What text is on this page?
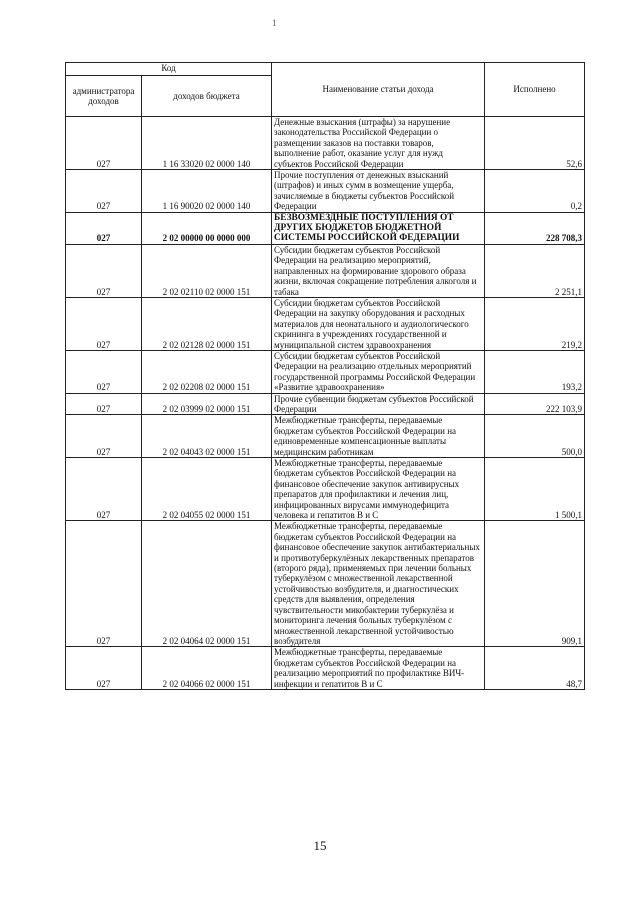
1
Код		Наименование статьи дохода	Исполнено
администратора доходов	доходов бюджета		
027	1 16 33020 02 0000 140	Денежные взыскания (штрафы) за нарушение законодательства Российской Федерации о размещении заказов на поставки товаров, выполнение работ, оказание услуг для нужд субъектов Российской Федерации	52,6
027	1 16 90020 02 0000 140	Прочие поступления от денежных взысканий (штрафов) и иных сумм в возмещение ущерба, зачисляемые в бюджеты субъектов Российской Федерации	0,2
027	2 02 00000 00 0000 000	БЕЗВОЗМЕЗДНЫЕ ПОСТУПЛЕНИЯ ОТ ДРУГИХ БЮДЖЕТОВ БЮДЖЕТНОЙ СИСТЕМЫ РОССИЙСКОЙ ФЕДЕРАЦИИ	228 708,3
027	2 02 02110 02 0000 151	Субсидии бюджетам субъектов Российской Федерации на реализацию мероприятий, направленных на формирование здорового образа жизни, включая сокращение потребления алкоголя и табака	2 251,1
027	2 02 02128 02 0000 151	Субсидии бюджетам субъектов Российской Федерации на закупку оборудования и расходных материалов для неонатального и аудиологического скрининга в учреждениях государственной и муниципальной систем здравоохранения	219,2
027	2 02 02208 02 0000 151	Субсидии бюджетам субъектов Российской Федерации на реализацию отдельных мероприятий государственной программы Российской Федерации «Развитие здравоохранения»	193,2
027	2 02 03999 02 0000 151	Прочие субвенции бюджетам субъектов Российской Федерации	222 103,9
027	2 02 04043 02 0000 151	Межбюджетные трансферты, передаваемые бюджетам субъектов Российской Федерации на единовременные компенсационные выплаты медицинским работникам	500,0
027	2 02 04055 02 0000 151	Межбюджетные трансферты, передаваемые бюджетам субъектов Российской Федерации на финансовое обеспечение закупок антивирусных препаратов для профилактики и лечения лиц, инфицированных вирусами иммунодефицита человека и гепатитов В и С	1 500,1
027	2 02 04064 02 0000 151	Межбюджетные трансферты, передаваемые бюджетам субъектов Российской Федерации на финансовое обеспечение закупок антибактериальных и противотуберкулёзных лекарственных препаратов (второго ряда), применяемых при лечении больных туберкулёзом с множественной лекарственной устойчивостью возбудителя, и диагностических средств для выявления, определения чувствительности микобактерии туберкулёза и мониторинга лечения больных туберкулёзом с множественной лекарственной устойчивостью возбудителя	909,1
027	2 02 04066 02 0000 151	Межбюджетные трансферты, передаваемые бюджетам субъектов Российской Федерации на реализацию мероприятий по профилактике ВИЧ-инфекции и гепатитов В и С	48,7
15
